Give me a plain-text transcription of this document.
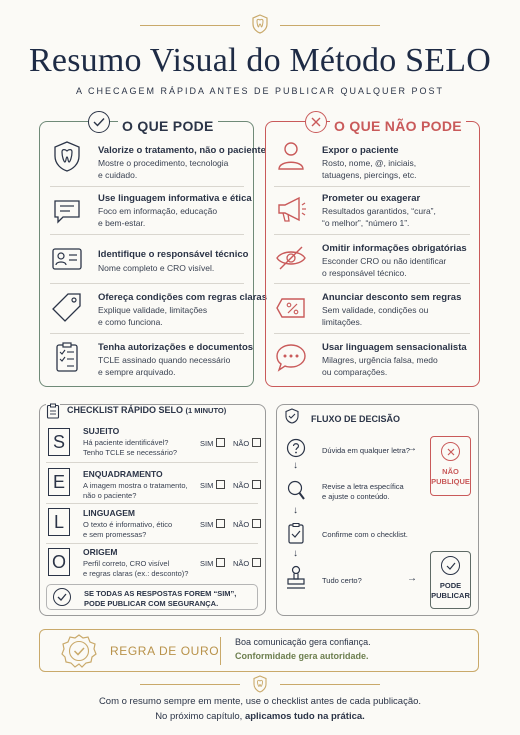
Resumo Visual do Método SELO
A CHECAGEM RÁPIDA ANTES DE PUBLICAR QUALQUER POST
O QUE PODE
Valorize o tratamento, não o paciente
Mostre o procedimento, tecnologia
e cuidado.
Use linguagem informativa e ética
Foco em informação, educação
e bem-estar.
Identifique o responsável técnico
Nome completo e CRO visível.
Ofereça condições com regras claras
Explique validade, limitações
e como funciona.
Tenha autorizações e documentos
TCLE assinado quando necessário
e sempre arquivado.
O QUE NÃO PODE
Expor o paciente
Rosto, nome, @, iniciais,
tatuagens, piercings, etc.
Prometer ou exagerar
Resultados garantidos, “cura”,
“o melhor”, “número 1”.
Omitir informações obrigatórias
Esconder CRO ou não identificar
o responsável técnico.
Anunciar desconto sem regras
Sem validade, condições ou
limitações.
Usar linguagem sensacionalista
Milagres, urgência falsa, medo
ou comparações.
CHECKLIST RÁPIDO SELO (1 MINUTO)
S
SUJEITO
Há paciente identificável?
Tenho TCLE se necessário?
SIM	NÃO
E	ENQUADRAMENTO
A imagem mostra o tratamento,
não o paciente?
SIM	NÃO
L	LINGUAGEM
O texto é informativo, ético
e sem promessas?
SIM	NÃO
O	ORIGEM
Perfil correto, CRO visível
e regras claras (ex.: desconto)?
SIM	NÃO
SE TODAS AS RESPOSTAS FOREM “SIM”,
PODE PUBLICAR COM SEGURANÇA.
FLUXO DE DECISÃO
Dúvida em qualquer letra?
→
↓
NÃO
PUBLIQUE
Revise a letra específica
e ajuste o conteúdo.
↓
Confirme com o checklist.
↓
Tudo certo?	→
PODE
PUBLICAR
REGRA DE OURO
Boa comunicação gera confiança.
Conformidade gera autoridade.
Com o resumo sempre em mente, use o checklist antes de cada publicação.
No próximo capítulo, aplicamos tudo na prática.
